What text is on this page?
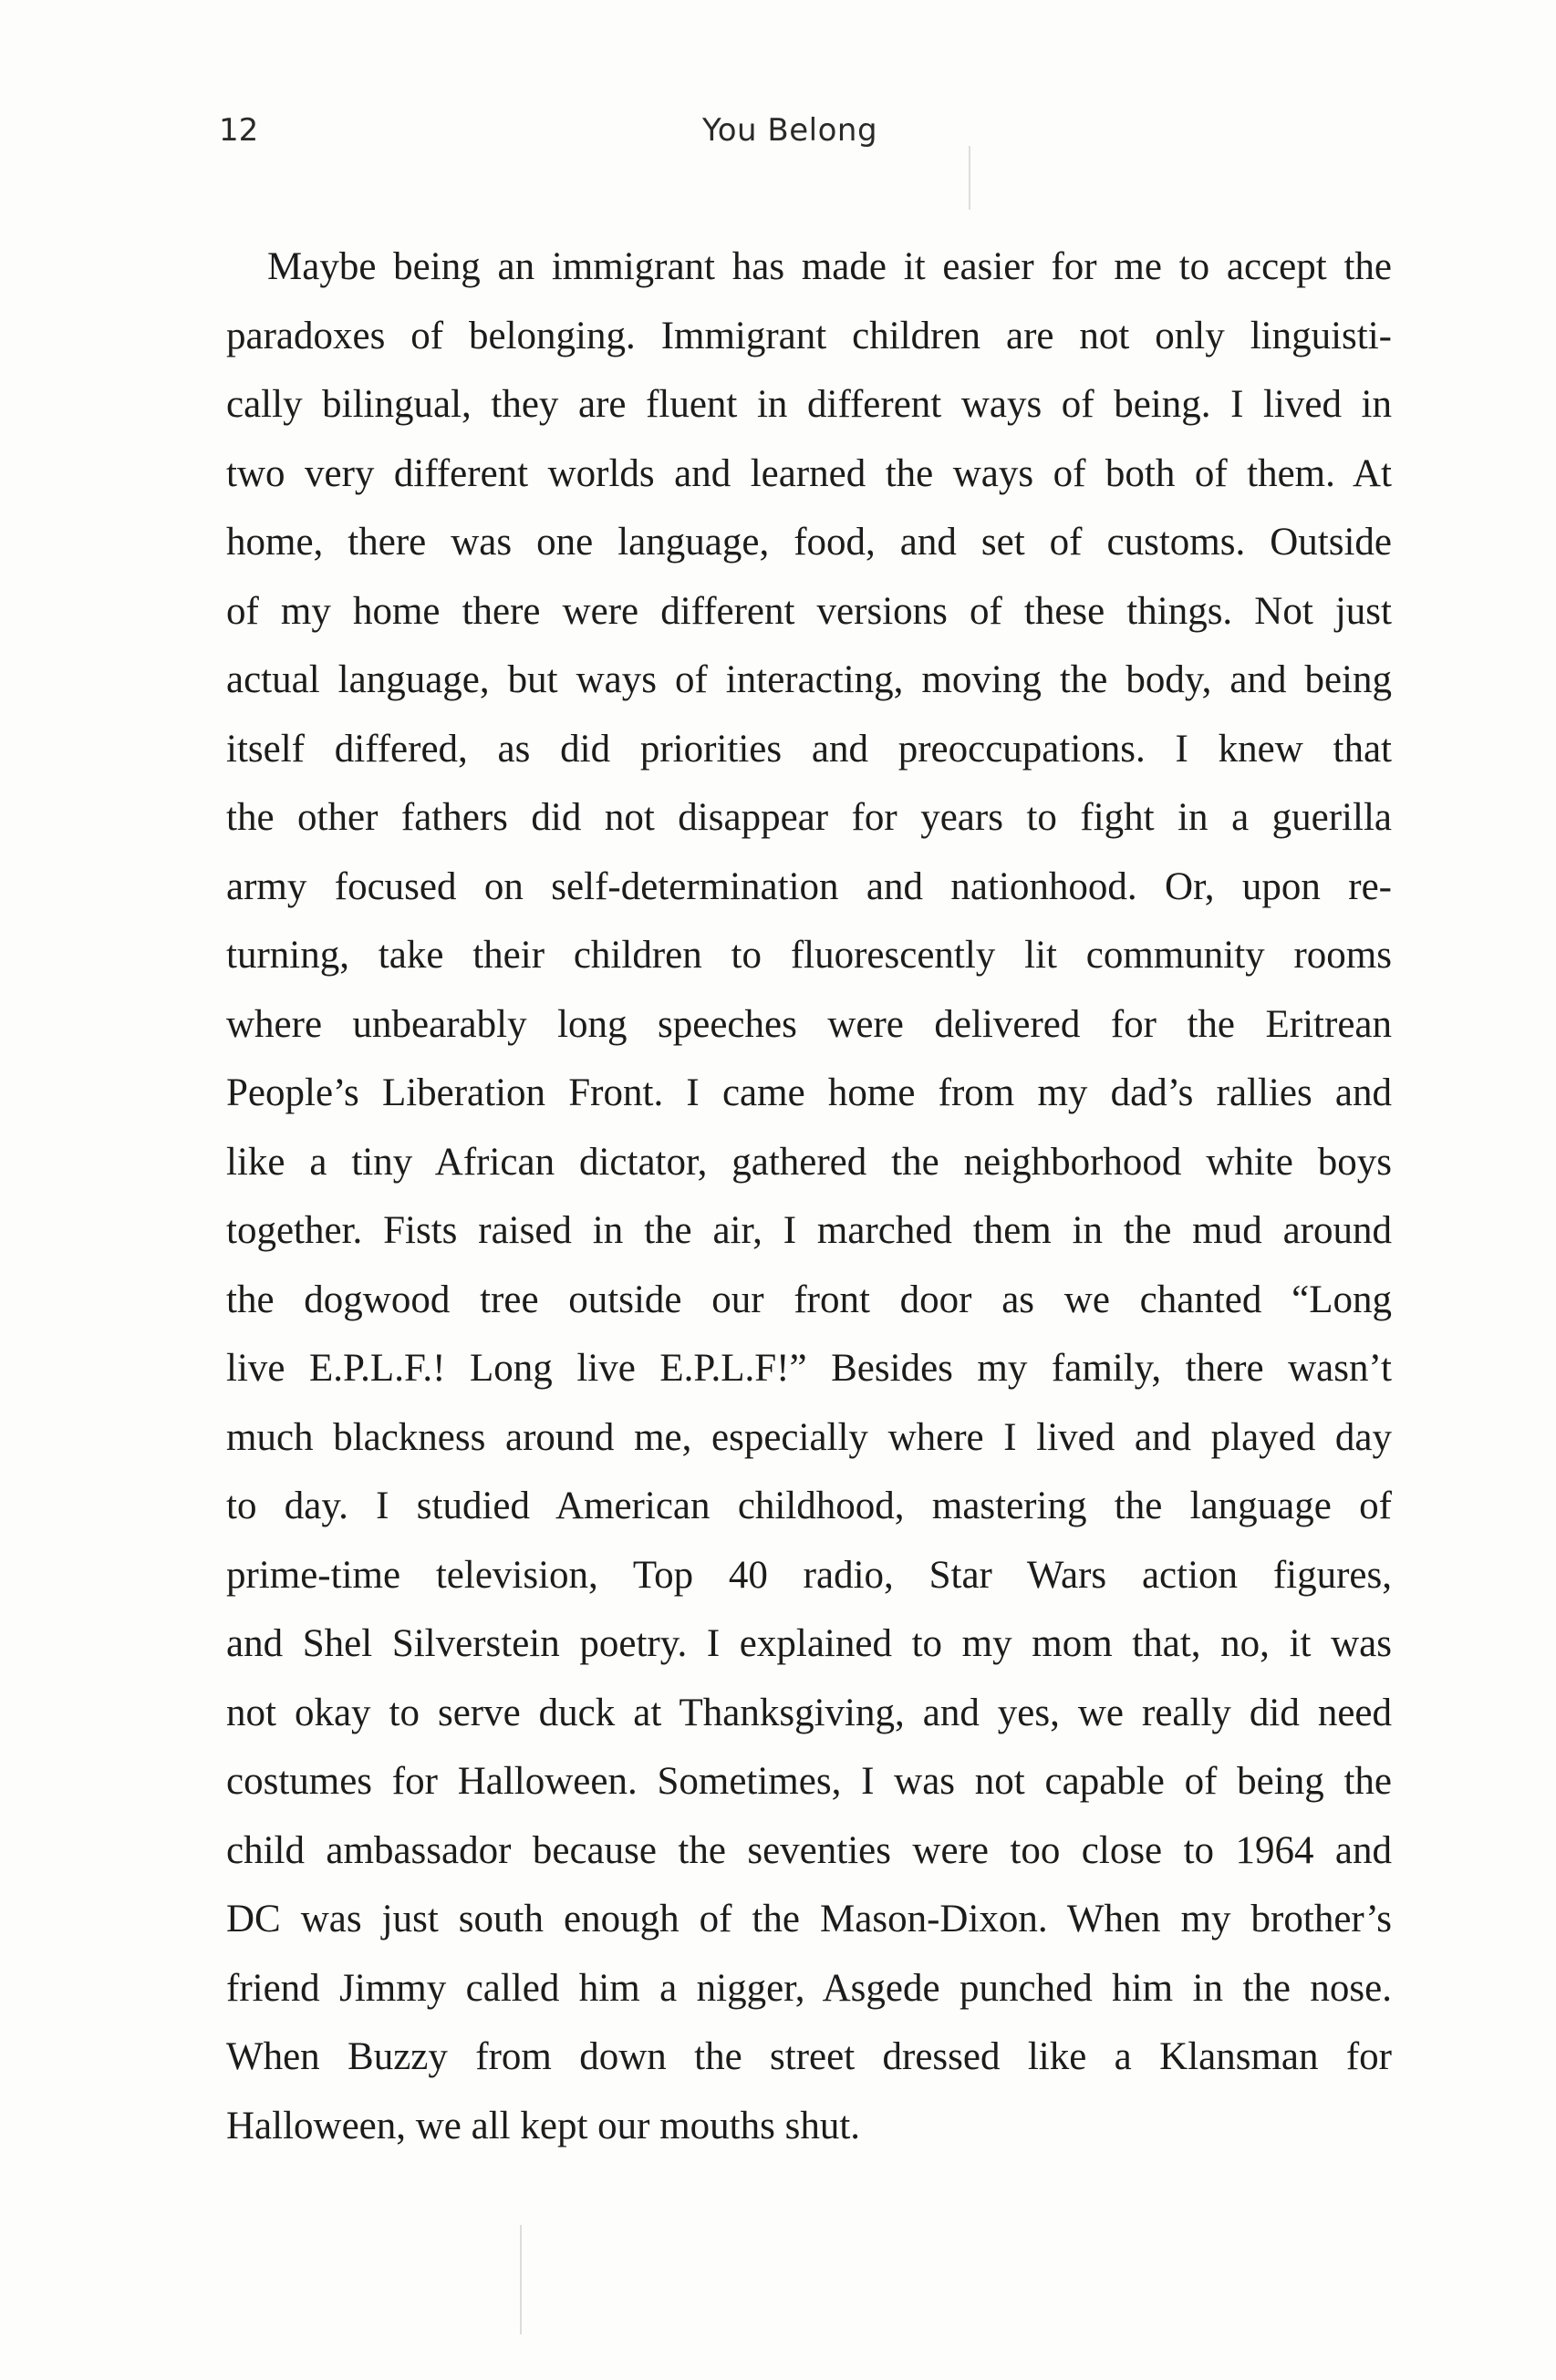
12	You Belong
Maybe being an immigrant has made it easier for me to accept the
paradoxes of belonging. Immigrant children are not only linguisti-
cally bilingual, they are fluent in different ways of being. I lived in
two very different worlds and learned the ways of both of them. At
home, there was one language, food, and set of customs. Outside
of my home there were different versions of these things. Not just
actual language, but ways of interacting, moving the body, and being
itself differed, as did priorities and preoccupations. I knew that
the other fathers did not disappear for years to fight in a guerilla
army focused on self-determination and nationhood. Or, upon re-
turning, take their children to fluorescently lit community rooms
where unbearably long speeches were delivered for the Eritrean
People’s Liberation Front. I came home from my dad’s rallies and
like a tiny African dictator, gathered the neighborhood white boys
together. Fists raised in the air, I marched them in the mud around
the dogwood tree outside our front door as we chanted “Long
live E.P.L.F.! Long live E.P.L.F!” Besides my family, there wasn’t
much blackness around me, especially where I lived and played day
to day. I studied American childhood, mastering the language of
prime-time television, Top 40 radio, Star Wars action figures,
and Shel Silverstein poetry. I explained to my mom that, no, it was
not okay to serve duck at Thanksgiving, and yes, we really did need
costumes for Halloween. Sometimes, I was not capable of being the
child ambassador because the seventies were too close to 1964 and
DC was just south enough of the Mason-Dixon. When my brother’s
friend Jimmy called him a nigger, Asgede punched him in the nose.
When Buzzy from down the street dressed like a Klansman for
Halloween, we all kept our mouths shut.
